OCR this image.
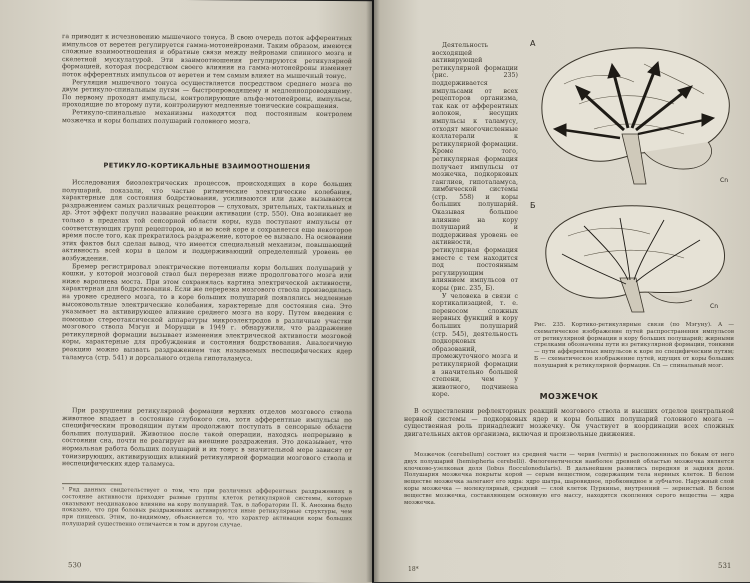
га приводит к исчезновению мышечного тонуса. В свою очередь поток афферентных импульсов от веретен регулируется гамма-мотонейронами. Таким образом, имеются сложные взаимоотношения и обратные связи между нейронами спинного мозга и скелетной мускулатурой. Эти взаимоотношения регулируются ретикулярной формацией, которая посредством своего влияния на гамма-мотонейроны изменяет поток афферентных импульсов от веретен и тем самым влияет на мышечный тонус.

Регуляция мышечного тонуса осуществляется посредством среднего мозга по двум ретикуло-спинальным путям — быстропроводящему и медленнопроводящему. По первому проходят импульсы, контролирующие альфа-мотонейроны, импульсы, проходящие по второму пути, контролируют медленные тонические сокращения.

Ретикуло-спинальные механизмы находятся под постоянным контролем мозжечка и коры больших полушарий головного мозга.

РЕТИКУЛО-КОРТИКАЛЬНЫЕ ВЗАИМООТНОШЕНИЯ

Исследования биоэлектрических процессов, происходящих в коре больших полушарий, показали, что частые ритмические электрические колебания, характерные для состояния бодрствования, усиливаются или даже вызываются раздражением самых различных рецепторов — слуховых, зрительных, тактильных и др. Этот эффект получил название реакции активации (стр. 550). Она возникает не только в пределах той сенсорной области коры, куда поступают импульсы от соответствующих групп рецепторов, но и во всей коре и сохраняется еще некоторое время после того, как прекратилось раздражение, которое ее вызвало. На основании этих фактов был сделан вывод, что имеется специальный механизм, повышающий активность всей коры в целом и поддерживающий определенный уровень ее возбуждения.

Бремер регистрировал электрические потенциалы коры больших полушарий у кошки, у которой мозговой ствол был перерезан ниже продолговатого мозга или ниже варолиева моста. При этом сохранялась картина электрической активности, характерная для бодрствования. Если же перерезка мозгового ствола производилась на уровне среднего мозга, то в коре больших полушарий появлялись медленные высоковольтные электрические колебания, характерные для состояния сна. Это указывает на активирующее влияние среднего мозга на кору. Путем введения с помощью стереотаксической аппаратуры микроэлектродов в различные участки мозгового ствола Мэгун и Моруцци в 1949 г. обнаружили, что раздражение ретикулярной формации вызывает изменения электрической активности мозговой коры, характерные для пробуждения и состояния бодрствования. Аналогичную реакцию можно вызвать раздражением так называемых неспецифических ядер таламуса (стр. 541) и дорсального отдела гипоталамуса.

При разрушении ретикулярной формации верхних отделов мозгового ствола животное впадает в состояние глубокого сна, хотя афферентные импульсы по специфическим проводящим путям продолжают поступать в сенсорные области больших полушарий. Животное после такой операции, находясь непрерывно в состоянии сна, почти не реагирует на внешние раздражения. Это доказывает, что нормальная работа больших полушарий и их тонус в значительной мере зависят от тонизирующих, активирующих влияний ретикулярной формации мозгового ствола и неспецифических ядер таламуса.

¹ Ряд данных свидетельствует о том, что при различных афферентных раздражениях в состояние активности приходят разные группы клеток ретикулярной системы, которые оказывают неодинаковое влияние на кору полушарий. Так, в лаборатории П. К. Анохина было показано, что при болевых раздражениях активируются иные ретикулярные структуры, чем при пищевых. Этим, по-видимому, объясняется то, что характер активации коры больших полушарий существенно отличается в том и другом случае.

530

Деятельность восходящей активирующей ретикулярной формации (рис. 235) поддерживается импульсами от всех рецепторов организма, так как от афферентных волокон, несущих импульсы к таламусу, отходят многочисленные коллатерали к ретикулярной формации. Кроме того, ретикулярная формация получает импульсы от мозжечка, подкорковых ганглиев, гипоталамуса, лимбической системы (стр. 558) и коры больших полушарий. Оказывая большое влияние на кору полушарий и поддерживая уровень ее активности, ретикулярная формация вместе с тем находится под постоянным регулирующим влиянием импульсов от коры (рис. 235, Б).

У человека в связи с кортикализацией, т. е. переносом сложных нервных функций в кору больших полушарий (стр. 545), деятельность подкорковых образований, промежуточного мозга и ретикулярной формации в значительно большей степени, чем у животного, подчинена коре.

А
Cn
Б
Cn

Рис. 235. Кортико-ретикулярные связи (по Мэгуну). А — схематическое изображение путей распространения импульсов от ретикулярной формации в кору больших полушарий; жирными стрелками обозначены пути из ретикулярной формации, тонкими — пути афферентных импульсов к коре по специфическим путям; Б — схематическое изображение путей, идущих от коры больших полушарий к ретикулярной формации. Cn — спинальный мозг.

МОЗЖЕЧОК

В осуществлении рефлекторных реакций мозгового ствола и высших отделов центральной нервной системы — подкорковых ядер и коры больших полушарий головного мозга — существенная роль принадлежит мозжечку. Он участвует в координации всех сложных двигательных актов организма, включая и произвольные движения.

Мозжечок (cerebellum) состоит из средней части — червя (vermis) и расположенных по бокам от него двух полушарий (hemispheria cerebelli). Филогенетически наиболее древней областью мозжечка является клочково-узелковая доля (lobus flocculonodularis). В дальнейшем развились передняя и задняя доли. Полушария мозжечка покрыты корой — серым веществом, содержащим тела нервных клеток. В белом веществе мозжечка залегают его ядра: ядро шатра, шаровидное, пробковидное и зубчатое. Наружный слой коры мозжечка — молекулярный, средний — слой клеток Пуркинье, внутренний — зернистый. В белом веществе мозжечка, составляющем основную его массу, находятся скопления серого вещества — ядра мозжечка.

18*	531
